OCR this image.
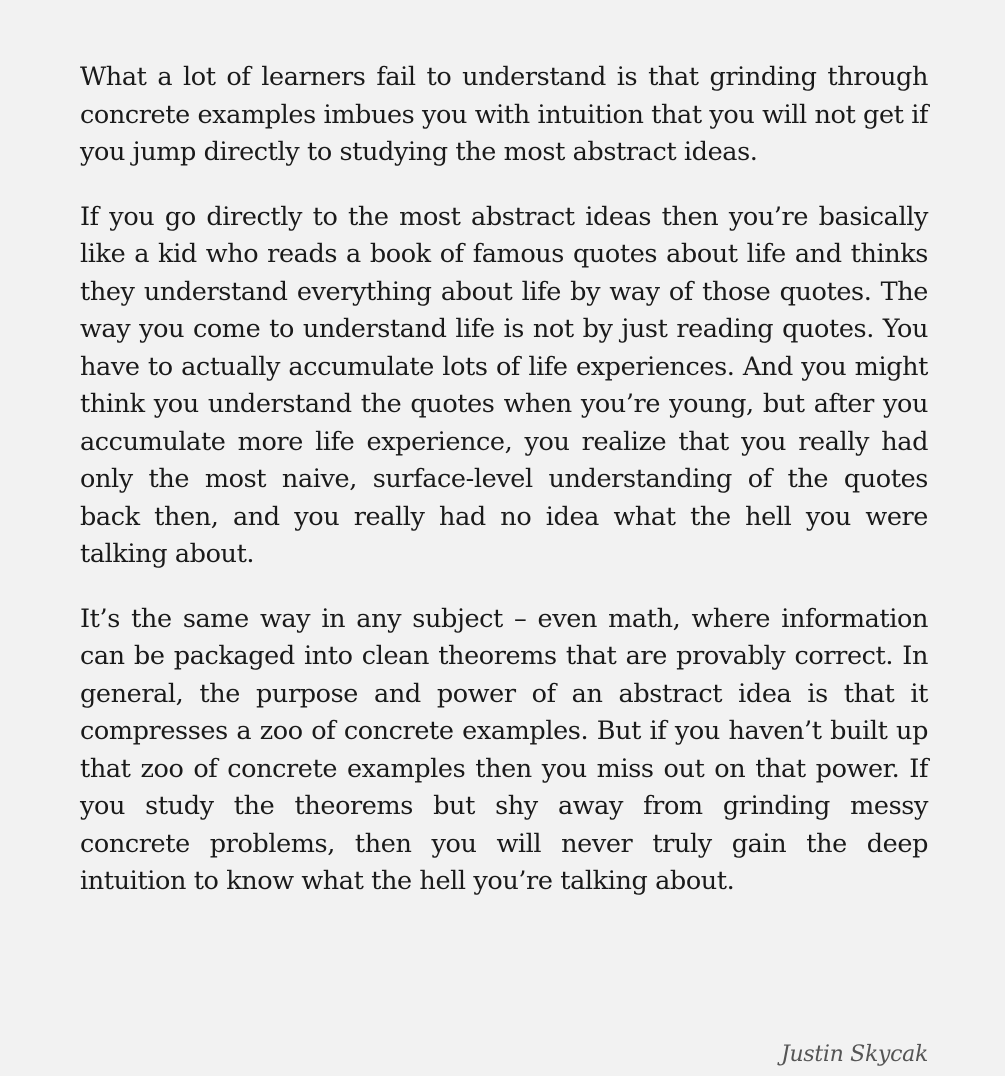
What a lot of learners fail to understand is that grinding through concrete examples imbues you with intuition that you will not get if you jump directly to studying the most abstract ideas.

If you go directly to the most abstract ideas then you’re basically like a kid who reads a book of famous quotes about life and thinks they understand everything about life by way of those quotes. The way you come to understand life is not by just reading quotes. You have to actually accumulate lots of life experiences. And you might think you understand the quotes when you’re young, but after you accumulate more life experience, you realize that you really had only the most naive, surface-level understanding of the quotes back then, and you really had no idea what the hell you were talking about.

It’s the same way in any subject – even math, where information can be packaged into clean theorems that are provably correct. In general, the purpose and power of an abstract idea is that it compresses a zoo of concrete examples. But if you haven’t built up that zoo of concrete examples then you miss out on that power. If you study the theorems but shy away from grinding messy concrete problems, then you will never truly gain the deep intuition to know what the hell you’re talking about.

Justin Skycak
